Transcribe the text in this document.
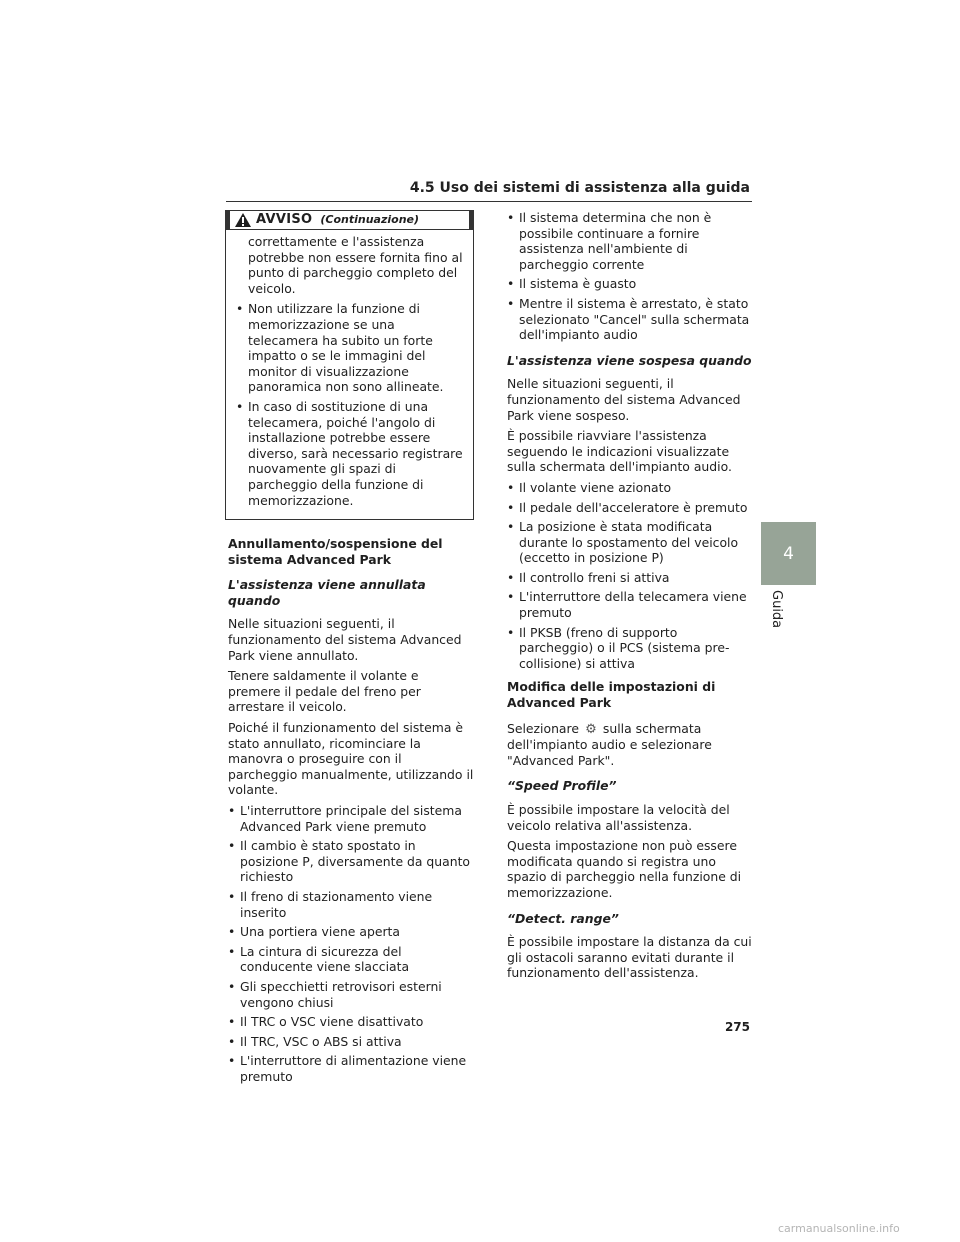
4.5 Uso dei sistemi di assistenza alla guida
AVVISO (Continuazione)

correttamente e l'assistenza potrebbe non essere fornita fino al punto di parcheggio completo del veicolo.

• Non utilizzare la funzione di memorizzazione se una telecamera ha subito un forte impatto o se le immagini del monitor di visualizzazione panoramica non sono allineate.
• In caso di sostituzione di una telecamera, poiché l'angolo di installazione potrebbe essere diverso, sarà necessario registrare nuovamente gli spazi di parcheggio della funzione di memorizzazione.
Annullamento/sospensione del sistema Advanced Park
L'assistenza viene annullata quando

Nelle situazioni seguenti, il funzionamento del sistema Advanced Park viene annullato.

Tenere saldamente il volante e premere il pedale del freno per arrestare il veicolo.

Poiché il funzionamento del sistema è stato annullato, ricominciare la manovra o proseguire con il parcheggio manualmente, utilizzando il volante.

• L'interruttore principale del sistema Advanced Park viene premuto
• Il cambio è stato spostato in posizione P, diversamente da quanto richiesto
• Il freno di stazionamento viene inserito
• Una portiera viene aperta
• La cintura di sicurezza del conducente viene slacciata
• Gli specchietti retrovisori esterni vengono chiusi
• Il TRC o VSC viene disattivato
• Il TRC, VSC o ABS si attiva
• L'interruttore di alimentazione viene premuto
• Il sistema determina che non è possibile continuare a fornire assistenza nell'ambiente di parcheggio corrente
• Il sistema è guasto
• Mentre il sistema è arrestato, è stato selezionato "Cancel" sulla schermata dell'impianto audio
L'assistenza viene sospesa quando

Nelle situazioni seguenti, il funzionamento del sistema Advanced Park viene sospeso.

È possibile riavviare l'assistenza seguendo le indicazioni visualizzate sulla schermata dell'impianto audio.

• Il volante viene azionato
• Il pedale dell'acceleratore è premuto
• La posizione è stata modificata durante lo spostamento del veicolo (eccetto in posizione P)
• Il controllo freni si attiva
• L'interruttore della telecamera viene premuto
• Il PKSB (freno di supporto parcheggio) o il PCS (sistema pre-collisione) si attiva
Modifica delle impostazioni di Advanced Park

Selezionare ⚙ sulla schermata dell'impianto audio e selezionare "Advanced Park".

“Speed Profile”

È possibile impostare la velocità del veicolo relativa all'assistenza.

Questa impostazione non può essere modificata quando si registra uno spazio di parcheggio nella funzione di memorizzazione.

“Detect. range”

È possibile impostare la distanza da cui gli ostacoli saranno evitati durante il funzionamento dell'assistenza.

4
Guida
275
carmanualsonline.info
